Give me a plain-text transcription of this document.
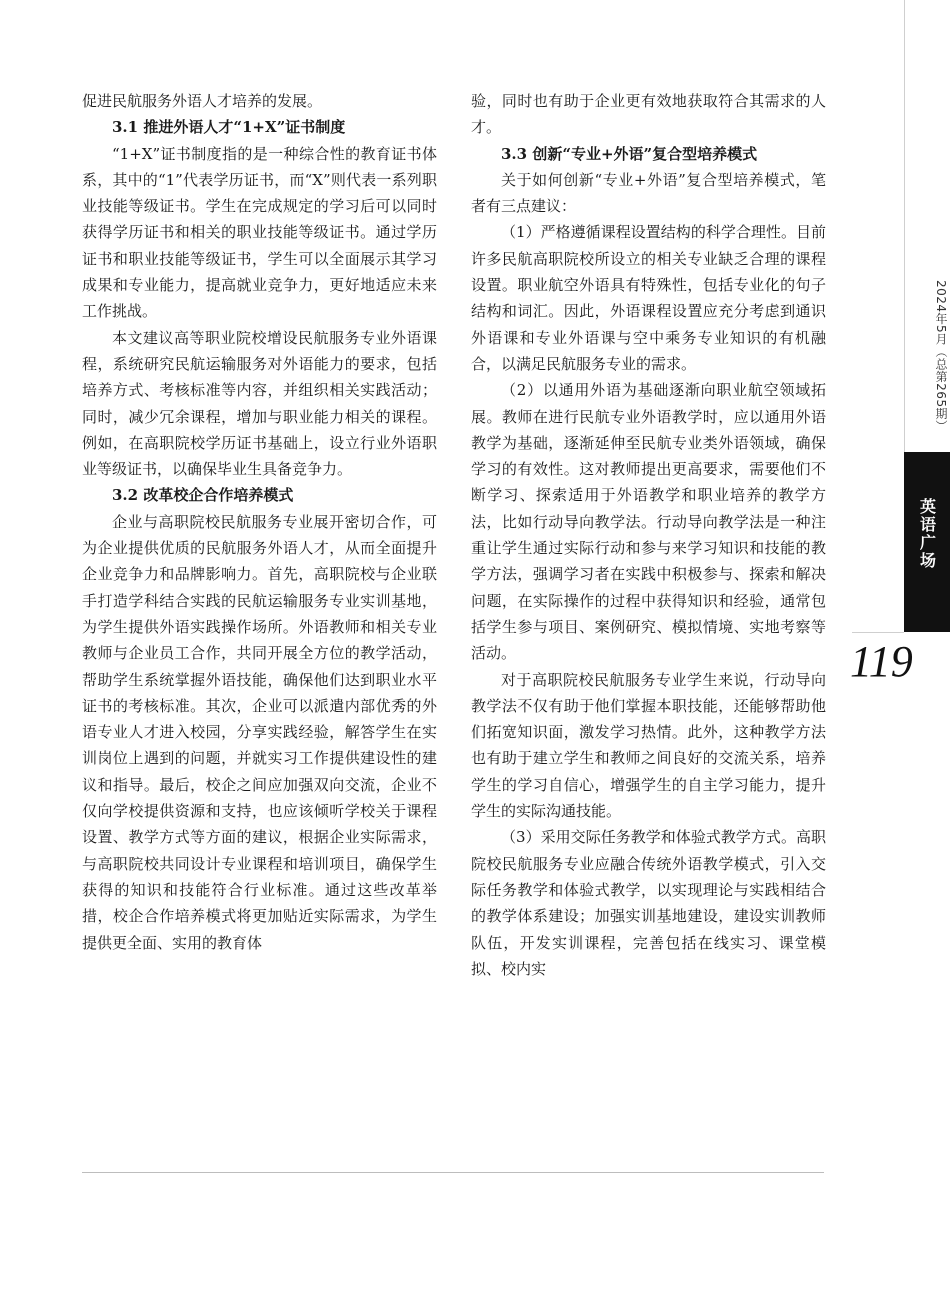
促进民航服务外语人才培养的发展。

3.1 推进外语人才“1+X”证书制度

“1+X”证书制度指的是一种综合性的教育证书体系，其中的“1”代表学历证书，而“X”则代表一系列职业技能等级证书。学生在完成规定的学习后可以同时获得学历证书和相关的职业技能等级证书。通过学历证书和职业技能等级证书，学生可以全面展示其学习成果和专业能力，提高就业竞争力，更好地适应未来工作挑战。

本文建议高等职业院校增设民航服务专业外语课程，系统研究民航运输服务对外语能力的要求，包括培养方式、考核标准等内容，并组织相关实践活动；同时，减少冗余课程，增加与职业能力相关的课程。例如，在高职院校学历证书基础上，设立行业外语职业等级证书，以确保毕业生具备竞争力。

3.2 改革校企合作培养模式

企业与高职院校民航服务专业展开密切合作，可为企业提供优质的民航服务外语人才，从而全面提升企业竞争力和品牌影响力。首先，高职院校与企业联手打造学科结合实践的民航运输服务专业实训基地，为学生提供外语实践操作场所。外语教师和相关专业教师与企业员工合作，共同开展全方位的教学活动，帮助学生系统掌握外语技能，确保他们达到职业水平证书的考核标准。其次，企业可以派遣内部优秀的外语专业人才进入校园，分享实践经验，解答学生在实训岗位上遇到的问题，并就实习工作提供建设性的建议和指导。最后，校企之间应加强双向交流，企业不仅向学校提供资源和支持，也应该倾听学校关于课程设置、教学方式等方面的建议，根据企业实际需求，与高职院校共同设计专业课程和培训项目，确保学生获得的知识和技能符合行业标准。通过这些改革举措，校企合作培养模式将更加贴近实际需求，为学生提供更全面、实用的教育体

验，同时也有助于企业更有效地获取符合其需求的人才。

3.3 创新“专业+外语”复合型培养模式

关于如何创新“专业+外语”复合型培养模式，笔者有三点建议：

（1）严格遵循课程设置结构的科学合理性。目前许多民航高职院校所设立的相关专业缺乏合理的课程设置。职业航空外语具有特殊性，包括专业化的句子结构和词汇。因此，外语课程设置应充分考虑到通识外语课和专业外语课与空中乘务专业知识的有机融合，以满足民航服务专业的需求。

（2）以通用外语为基础逐渐向职业航空领域拓展。教师在进行民航专业外语教学时，应以通用外语教学为基础，逐渐延伸至民航专业类外语领域，确保学习的有效性。这对教师提出更高要求，需要他们不断学习、探索适用于外语教学和职业培养的教学方法，比如行动导向教学法。行动导向教学法是一种注重让学生通过实际行动和参与来学习知识和技能的教学方法，强调学习者在实践中积极参与、探索和解决问题，在实际操作的过程中获得知识和经验，通常包括学生参与项目、案例研究、模拟情境、实地考察等活动。

对于高职院校民航服务专业学生来说，行动导向教学法不仅有助于他们掌握本职技能，还能够帮助他们拓宽知识面，激发学习热情。此外，这种教学方法也有助于建立学生和教师之间良好的交流关系，培养学生的学习自信心，增强学生的自主学习能力，提升学生的实际沟通技能。

（3）采用交际任务教学和体验式教学方式。高职院校民航服务专业应融合传统外语教学模式，引入交际任务教学和体验式教学，以实现理论与实践相结合的教学体系建设；加强实训基地建设，建设实训教师队伍，开发实训课程，完善包括在线实习、课堂模拟、校内实

2024年5月（总第265期）
英语广场
119
